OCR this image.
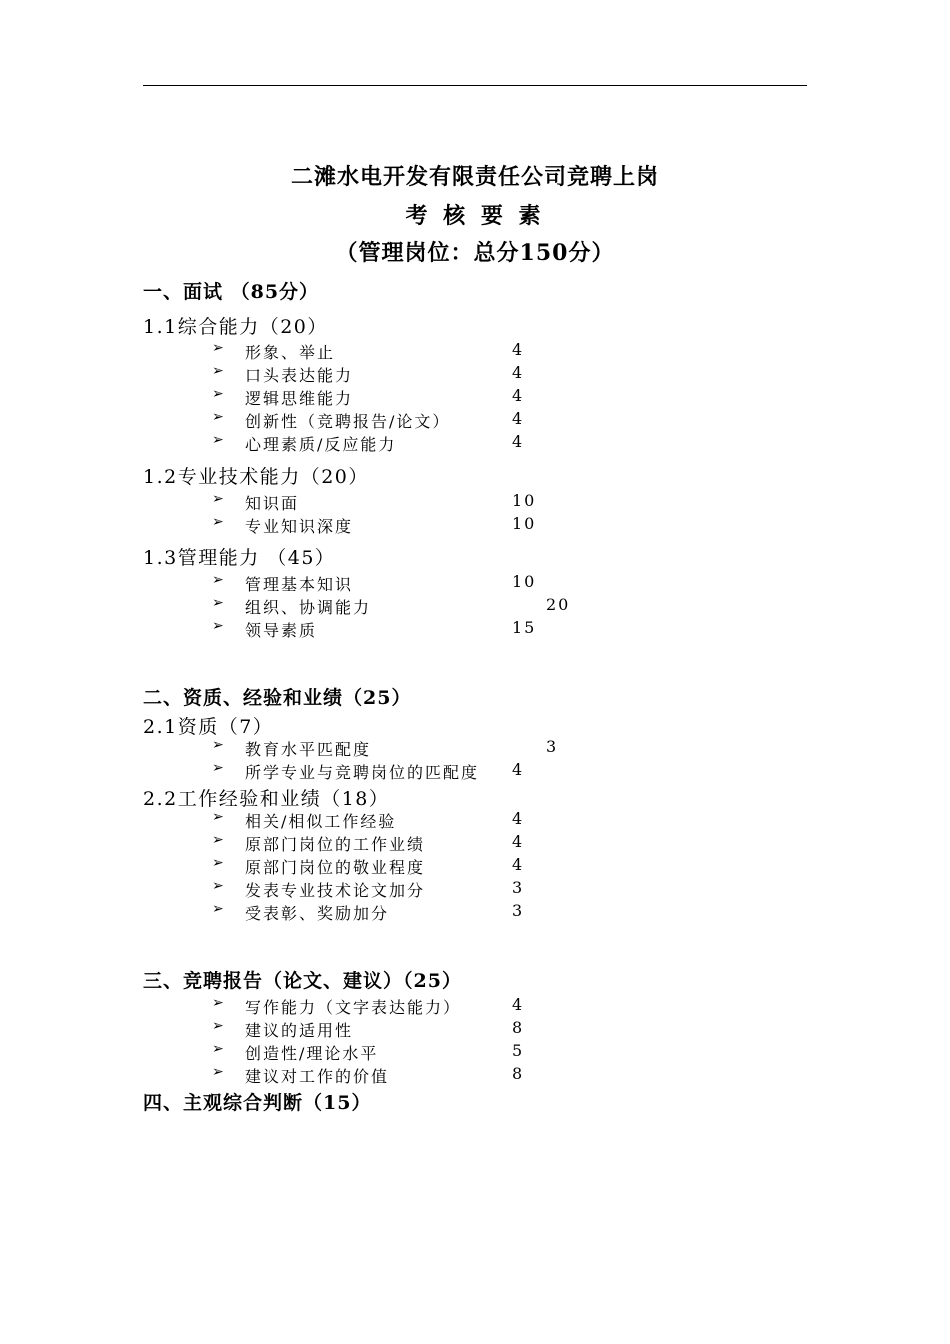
二滩水电开发有限责任公司竞聘上岗
考 核 要 素
（管理岗位：总分150分）
一、面试 （85分）
1.1综合能力（20）
➢ 形象、举止	4
➢ 口头表达能力	4
➢ 逻辑思维能力	4
➢ 创新性（竞聘报告/论文）	4
➢ 心理素质/反应能力	4
1.2专业技术能力（20）
➢ 知识面	10
➢ 专业知识深度	10
1.3管理能力 （45）
➢ 管理基本知识	10
➢ 组织、协调能力	20
➢ 领导素质	15
二、资质、经验和业绩（25）
2.1资质（7）
➢ 教育水平匹配度	3
➢ 所学专业与竞聘岗位的匹配度 4
2.2工作经验和业绩（18）
➢ 相关/相似工作经验	4
➢ 原部门岗位的工作业绩	4
➢ 原部门岗位的敬业程度	4
➢ 发表专业技术论文加分	3
➢ 受表彰、奖励加分	3
三、竞聘报告（论文、建议）（25）
➢ 写作能力（文字表达能力）	4
➢ 建议的适用性	8
➢ 创造性/理论水平	5
➢ 建议对工作的价值	8
四、主观综合判断（15）
